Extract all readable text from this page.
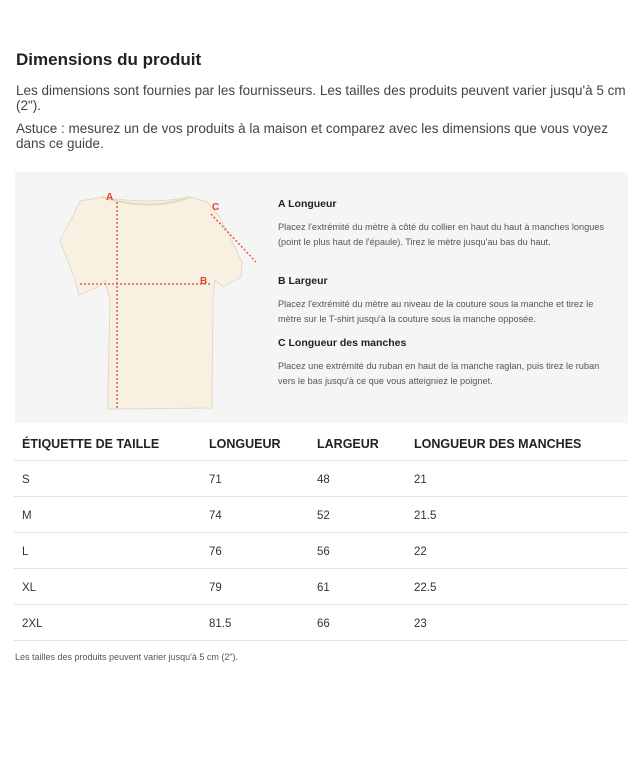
Dimensions du produit

Les dimensions sont fournies par les fournisseurs. Les tailles des produits peuvent varier jusqu'à 5 cm (2").

Astuce : mesurez un de vos produits à la maison et comparez avec les dimensions que vous voyez dans ce guide.

A
B
C	A Longueur

Placez l'extrémité du mètre à côté du collier en haut du haut à manches longues (point le plus haut de l'épaule). Tirez le mètre jusqu'au bas du haut.

B Largeur

Placez l'extrémité du mètre au niveau de la couture sous la manche et tirez le mètre sur le T-shirt jusqu'à la couture sous la manche opposée.

C Longueur des manches

Placez une extrémité du ruban en haut de la manche raglan, puis tirez le ruban vers le bas jusqu'à ce que vous atteigniez le poignet.

ÉTIQUETTE DE TAILLE	LONGUEUR	LARGEUR	LONGUEUR DES MANCHES
S	71	48	21
M	74	52	21.5
L	76	56	22
XL	79	61	22.5
2XL	81.5	66	23

Les tailles des produits peuvent varier jusqu'à 5 cm (2").
